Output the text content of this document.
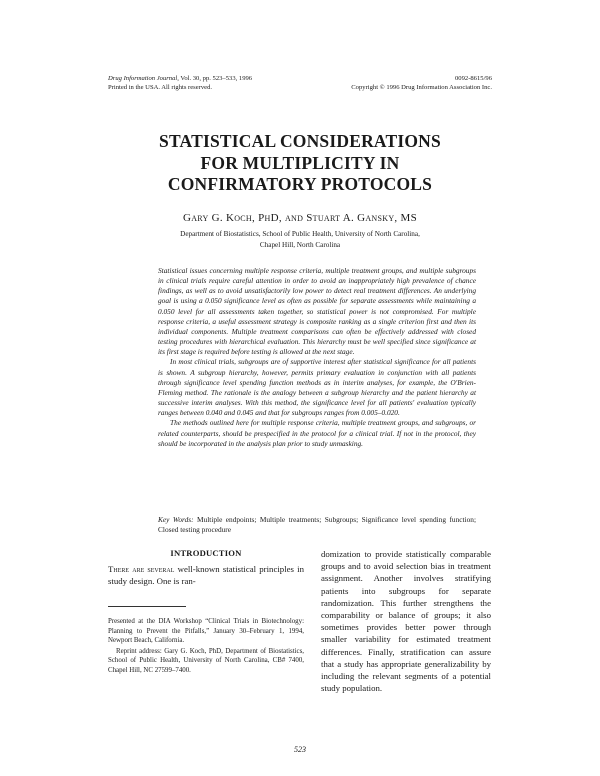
Drug Information Journal, Vol. 30, pp. 523–533, 1996
Printed in the USA. All rights reserved.
0092-8615/96
Copyright © 1996 Drug Information Association Inc.
STATISTICAL CONSIDERATIONS
FOR MULTIPLICITY IN
CONFIRMATORY PROTOCOLS
Gary G. Koch, PhD, and Stuart A. Gansky, MS
Department of Biostatistics, School of Public Health, University of North Carolina,
Chapel Hill, North Carolina

Statistical issues concerning multiple response criteria, multiple treatment groups, and multiple subgroups in clinical trials require careful attention in order to avoid an inappropriately high prevalence of chance findings, as well as to avoid unsatisfactorily low power to detect real treatment differences. An underlying goal is using a 0.050 significance level as often as possible for separate assessments while maintaining a 0.050 level for all assessments taken together, so statistical power is not compromised. For multiple response criteria, a useful assessment strategy is composite ranking as a single criterion first and then its individual components. Multiple treatment comparisons can often be effectively addressed with closed testing procedures with hierarchical evaluation. This hierarchy must be well specified since significance at its first stage is required before testing is allowed at the next stage.

In most clinical trials, subgroups are of supportive interest after statistical significance for all patients is shown. A subgroup hierarchy, however, permits primary evaluation in conjunction with all patients through significance level spending function methods as in interim analyses, for example, the O'Brien-Fleming method. The rationale is the analogy between a subgroup hierarchy and the patient hierarchy at successive interim analyses. With this method, the significance level for all patients' evaluation typically ranges between 0.040 and 0.045 and that for subgroups ranges from 0.005–0.020.

The methods outlined here for multiple response criteria, multiple treatment groups, and subgroups, or related counterparts, should be prespecified in the protocol for a clinical trial. If not in the protocol, they should be incorporated in the analysis plan prior to study unmasking.

Key Words: Multiple endpoints; Multiple treatments; Subgroups; Significance level spending function; Closed testing procedure
INTRODUCTION
There are several well-known statistical principles in study design. One is ran-

Presented at the DIA Workshop “Clinical Trials in Biotechnology: Planning to Prevent the Pitfalls,” January 30–February 1, 1994, Newport Beach, California.

Reprint address: Gary G. Koch, PhD, Department of Biostatistics, School of Public Health, University of North Carolina, CB# 7400, Chapel Hill, NC 27599–7400.

domization to provide statistically comparable groups and to avoid selection bias in treatment assignment. Another involves stratifying patients into subgroups for separate randomization. This further strengthens the comparability or balance of groups; it also sometimes provides better power through smaller variability for estimated treatment differences. Finally, stratification can assure that a study has appropriate generalizability by including the relevant segments of a potential study population.
523
